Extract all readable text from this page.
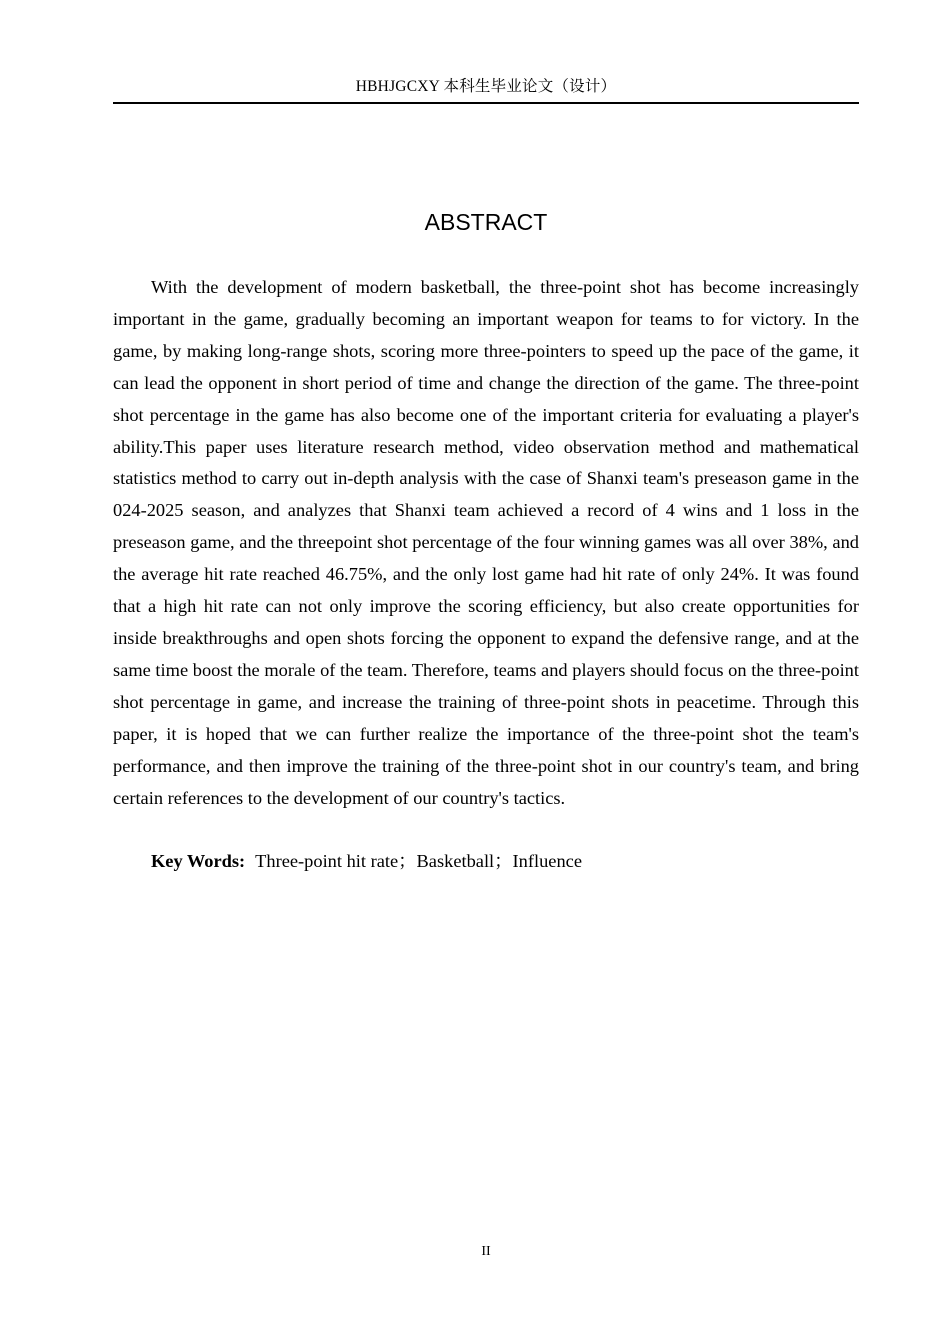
HBHJGCXY 本科生毕业论文（设计）
ABSTRACT

With the development of modern basketball, the three-point shot has become increasingly important in the game, gradually becoming an important weapon for teams to for victory. In the game, by making long-range shots, scoring more three-pointers to speed up the pace of the game, it can lead the opponent in short period of time and change the direction of the game. The three-point shot percentage in the game has also become one of the important criteria for evaluating a player's ability.This paper uses literature research method, video observation method and mathematical statistics method to carry out in-depth analysis with the case of Shanxi team's preseason game in the 024-2025 season, and analyzes that Shanxi team achieved a record of 4 wins and 1 loss in the preseason game, and the threepoint shot percentage of the four winning games was all over 38%, and the average hit rate reached 46.75%, and the only lost game had hit rate of only 24%. It was found that a high hit rate can not only improve the scoring efficiency, but also create opportunities for inside breakthroughs and open shots forcing the opponent to expand the defensive range, and at the same time boost the morale of the team. Therefore, teams and players should focus on the three-point shot percentage in game, and increase the training of three-point shots in peacetime. Through this paper, it is hoped that we can further realize the importance of the three-point shot the team's performance, and then improve the training of the three-point shot in our country's team, and bring certain references to the development of our country's tactics.

Key Words: Three-point hit rate；Basketball；Influence
II
